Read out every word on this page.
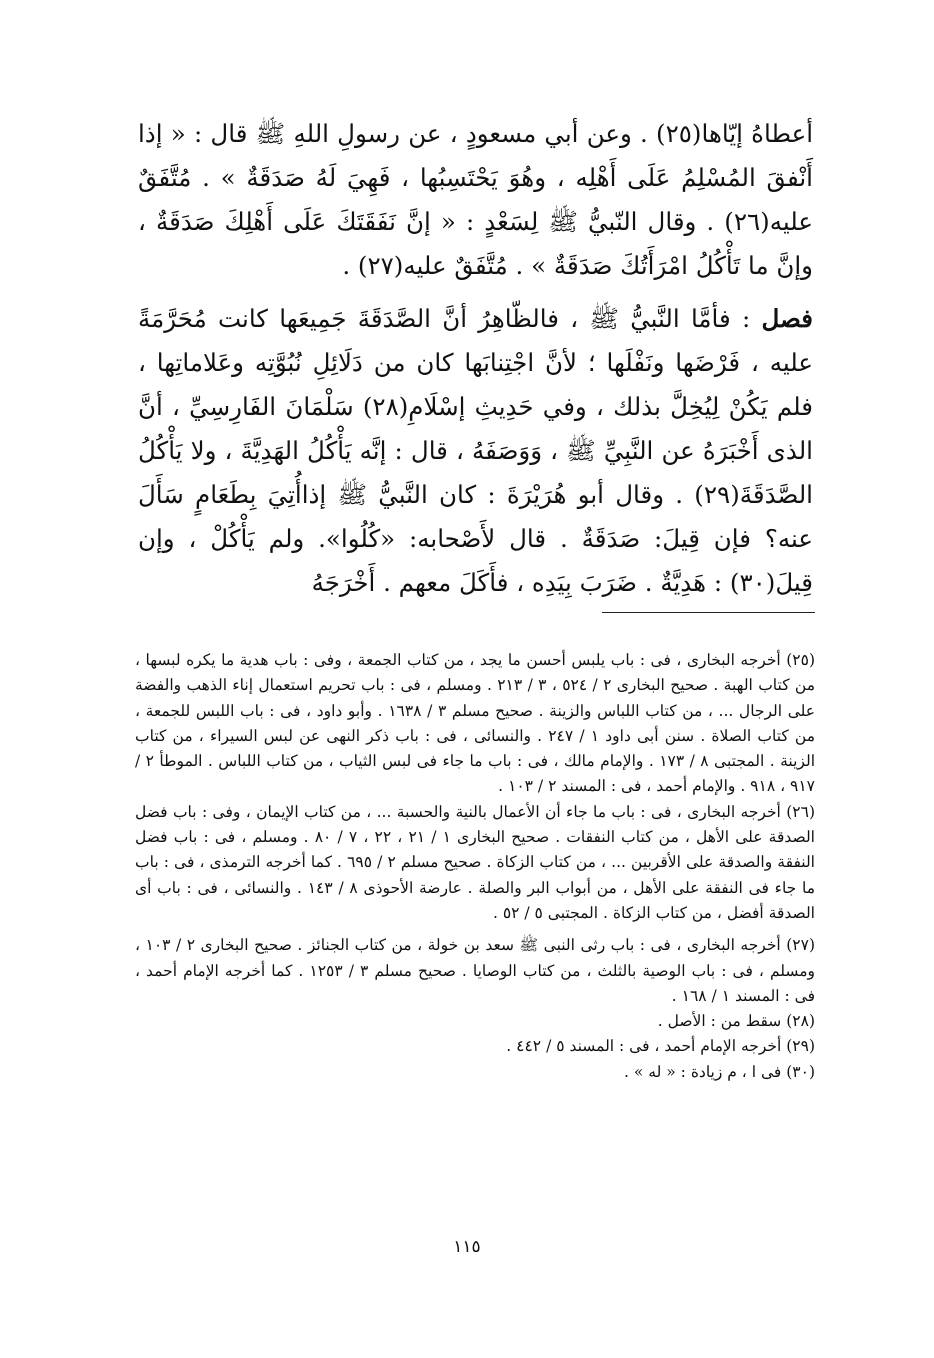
أعطاهُ إيّاها(٢٥) . وعن أبي مسعودٍ ، عن رسولِ اللهِ ﷺ قال : « إذا أَنْفقَ المُسْلِمُ عَلَى أَهْلِه ، وهُوَ يَحْتَسِبُها ، فَهِيَ لَهُ صَدَقَةٌ » . مُتَّفَقٌ عليه(٢٦) . وقال النّبيُّ ﷺ لِسَعْدٍ : « إنَّ نَفَقَتَكَ عَلَى أَهْلِكَ صَدَقَةٌ ، وإنَّ ما تَأْكُلُ امْرَأَتُكَ صَدَقَةٌ » . مُتَّفَقٌ عليه(٢٧) .

فصل : فأمَّا النَّبيُّ ﷺ ، فالظّاهِرُ أنَّ الصَّدَقَةَ جَمِيعَها كانت مُحَرَّمَةً عليه ، فَرْضَها ونَفْلَها ؛ لأنَّ اجْتِنابَها كان من دَلَائِلِ نُبُوَّتِه وعَلاماتِها ، فلم يَكُنْ لِيُخِلَّ بذلك ، وفي حَدِيثِ إسْلَامِ(٢٨) سَلْمَانَ الفَارِسِيِّ ، أنَّ الذى أَخْبَرَهُ عن النَّبِيِّ ﷺ ، وَوَصَفَهُ ، قال : إنَّه يَأْكُلُ الهَدِيَّةَ ، ولا يَأْكُلُ الصَّدَقَةَ(٢٩) . وقال أبو هُرَيْرَةَ : كان النَّبيُّ ﷺ إذاأُتِيَ بِطَعَامٍ سَأَلَ عنه؟ فإن قِيلَ: صَدَقَةٌ . قال لأَصْحابه: «كُلُوا». ولم يَأْكُلْ ، وإن قِيلَ(٣٠) : هَدِيَّةٌ . ضَرَبَ بِيَدِه ، فأَكَلَ معهم . أَخْرَجَهُ

(٢٥) أخرجه البخارى ، فى : باب يلبس أحسن ما يجد ، من كتاب الجمعة ، وفى : باب هدية ما يكره لبسها ، من كتاب الهبة . صحيح البخارى ٢ / ٥٢٤ ، ٣ / ٢١٣ . ومسلم ، فى : باب تحريم استعمال إناء الذهب والفضة على الرجال ... ، من كتاب اللباس والزينة . صحيح مسلم ٣ / ١٦٣٨ . وأبو داود ، فى : باب اللبس للجمعة ، من كتاب الصلاة . سنن أبى داود ١ / ٢٤٧ . والنسائى ، فى : باب ذكر النهى عن لبس السيراء ، من كتاب الزينة . المجتبى ٨ / ١٧٣ . والإمام مالك ، فى : باب ما جاء فى لبس الثياب ، من كتاب اللباس . الموطأ ٢ / ٩١٧ ، ٩١٨ . والإمام أحمد ، فى : المسند ٢ / ١٠٣ .

(٢٦) أخرجه البخارى ، فى : باب ما جاء أن الأعمال بالنية والحسبة ... ، من كتاب الإيمان ، وفى : باب فضل الصدقة على الأهل ، من كتاب النفقات . صحيح البخارى ١ / ٢١ ، ٢٢ ، ٧ / ٨٠ . ومسلم ، فى : باب فضل النفقة والصدقة على الأقربين ... ، من كتاب الزكاة . صحيح مسلم ٢ / ٦٩٥ . كما أخرجه الترمذى ، فى : باب ما جاء فى النفقة على الأهل ، من أبواب البر والصلة . عارضة الأحوذى ٨ / ١٤٣ . والنسائى ، فى : باب أى الصدقة أفضل ، من كتاب الزكاة . المجتبى ٥ / ٥٢ .

(٢٧) أخرجه البخارى ، فى : باب رثى النبى ﷺ سعد بن خولة ، من كتاب الجنائز . صحيح البخارى ٢ / ١٠٣ ، ومسلم ، فى : باب الوصية بالثلث ، من كتاب الوصايا . صحيح مسلم ٣ / ١٢٥٣ . كما أخرجه الإمام أحمد ، فى : المسند ١ / ١٦٨ .

(٢٨) سقط من : الأصل .

(٢٩) أخرجه الإمام أحمد ، فى : المسند ٥ / ٤٤٢ .

(٣٠) فى ا ، م زيادة : « له » .

١١٥
